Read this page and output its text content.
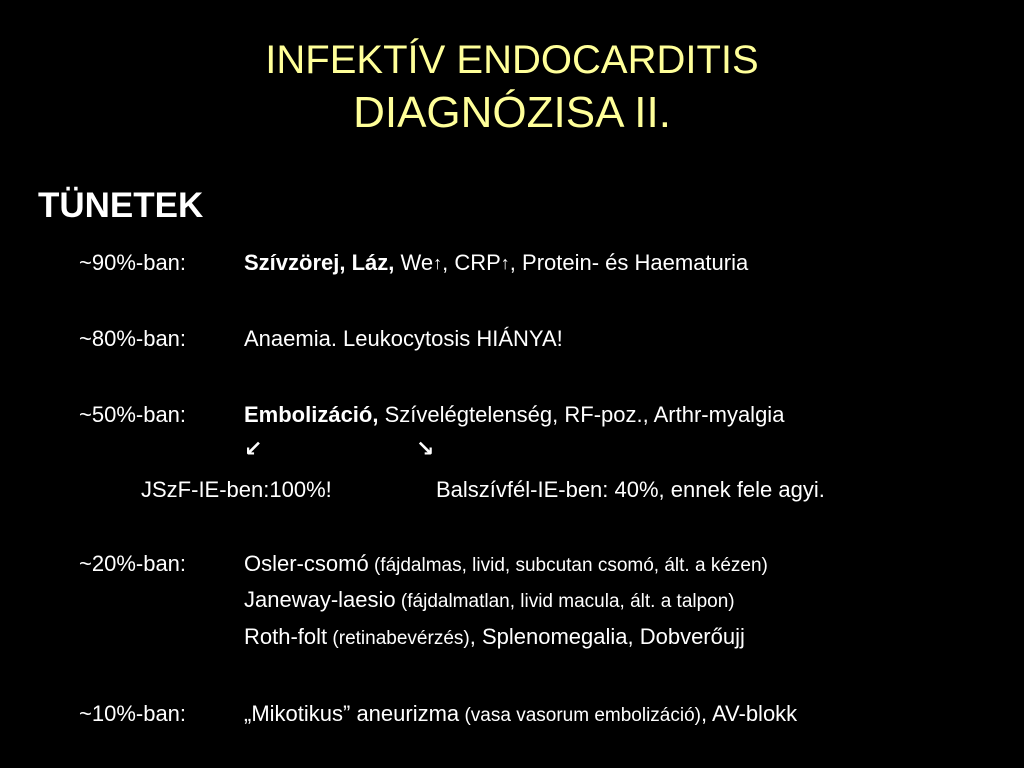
INFEKTÍV ENDOCARDITIS
DIAGNÓZISA II.
TÜNETEK
~90%-ban:	Szívzörej, Láz, We↑, CRP↑, Protein- és Haematuria
~80%-ban:	Anaemia. Leukocytosis HIÁNYA!
~50%-ban:	Embolizáció, Szívelégtelenség, RF-poz., Arthr-myalgia
↙	↘
JSzF-IE-ben:100%!	Balszívfél-IE-ben: 40%, ennek fele agyi.
~20%-ban:	Osler-csomó (fájdalmas, livid, subcutan csomó, ált. a kézen)
Janeway-laesio (fájdalmatlan, livid macula, ált. a talpon)
Roth-folt (retinabevérzés), Splenomegalia, Dobverőujj
~10%-ban:	„Mikotikus” aneurizma (vasa vasorum embolizáció), AV-blokk
